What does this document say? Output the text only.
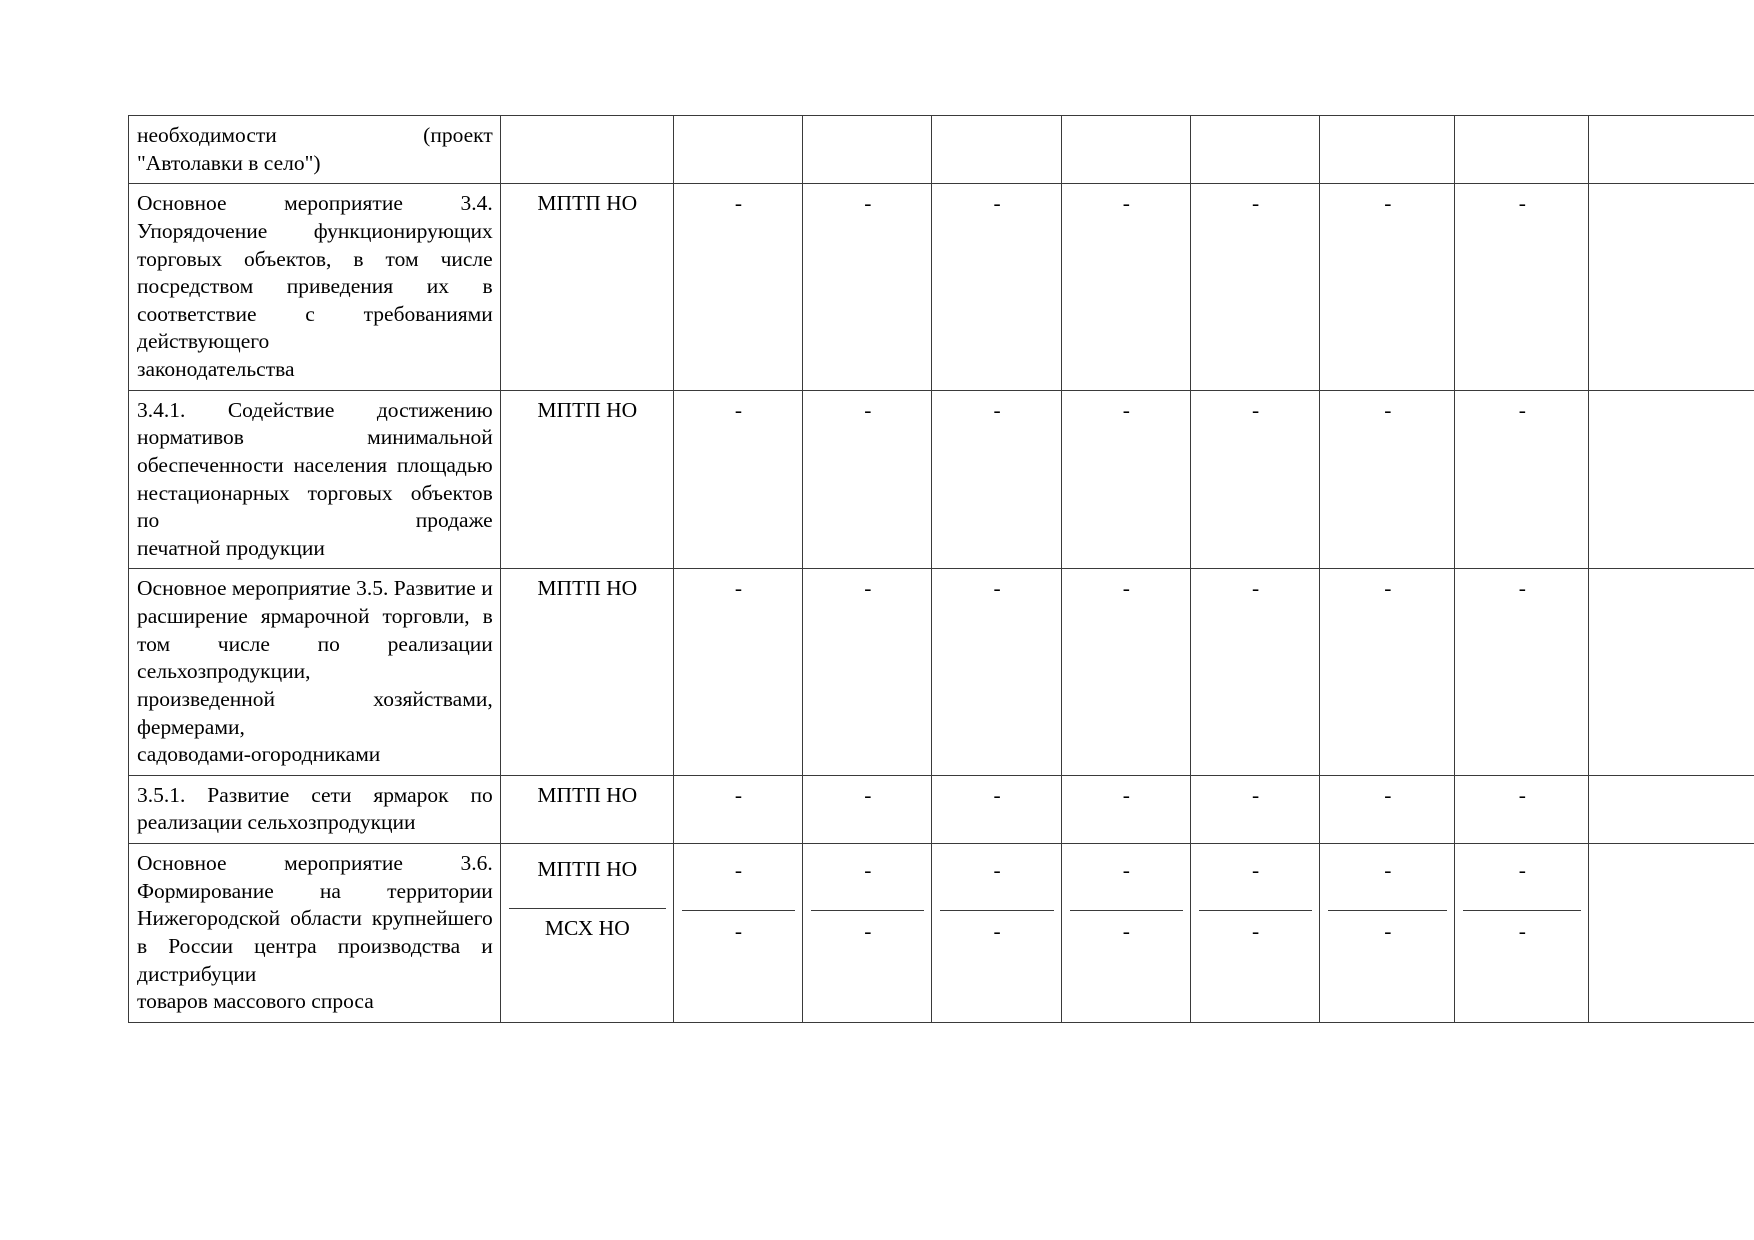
необходимости (проект
"Автолавки в село")

Основное мероприятие 3.4. Упорядочение функционирующих торговых объектов, в том числе посредством приведения их в соответствие с требованиями
действующего
законодательства
	МПТП НО	-	-	-	-	-	-	-		
3.4.1. Содействие достижению нормативов минимальной обеспеченности населения площадью нестационарных торговых объектов по продаже
печатной продукции
	МПТП НО	-	-	-	-	-	-	-		
Основное мероприятие 3.5. Развитие и расширение ярмарочной торговли, в том числе по реализации
сельхозпродукции,
произведенной хозяйствами,
фермерами,
садоводами-огородниками
	МПТП НО	-	-	-	-	-	-	-		
3.5.1. Развитие сети ярмарок по
реализации сельхозпродукции
	МПТП НО	-	-	-	-	-	-	-		
Основное мероприятие 3.6. Формирование на территории Нижегородской области крупнейшего в России центра производства и дистрибуции
товаров массового спроса

МПТП НО
МСХ НО

-
-

-
-

-
-

-
-

-
-

-
-

-
-
